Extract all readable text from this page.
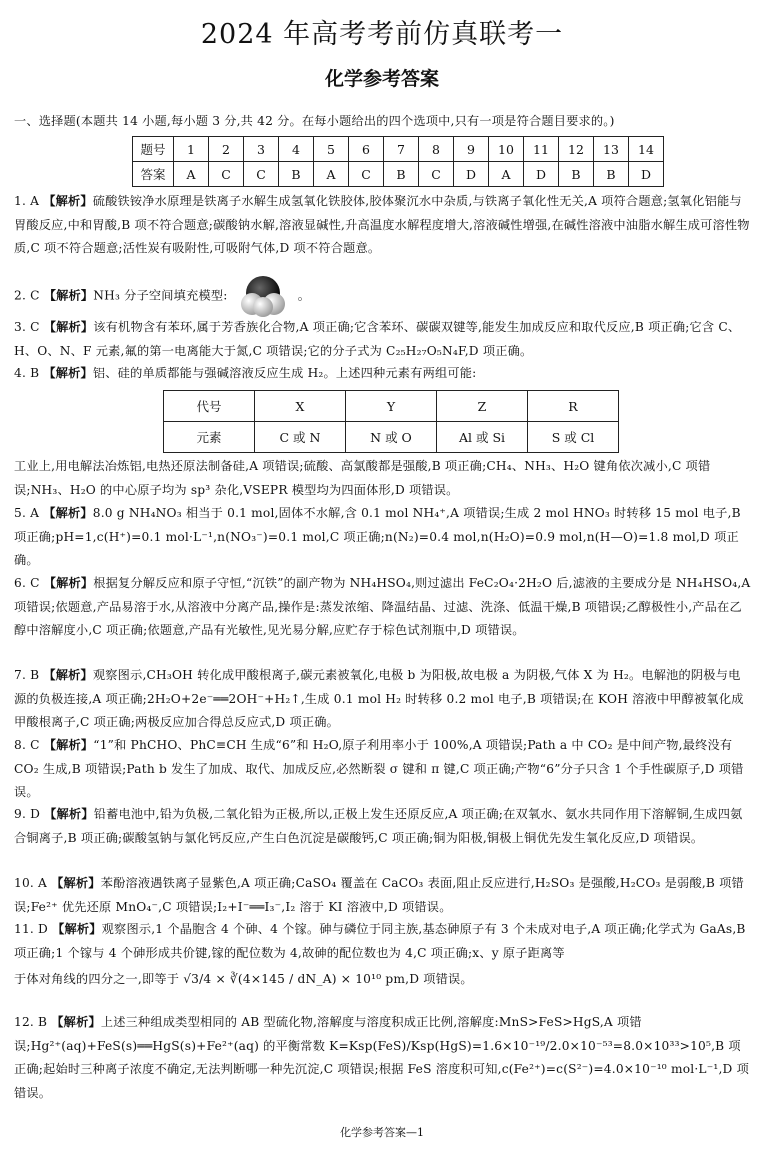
2024 年高考考前仿真联考一
化学参考答案
一、选择题(本题共 14 小题,每小题 3 分,共 42 分。在每小题给出的四个选项中,只有一项是符合题目要求的。)
题号	1	2	3	4	5	6	7	8	9	10	11	12	13	14
答案	A	C	C	B	A	C	B	C	D	A	D	B	B	D
1. A 【解析】硫酸铁铵净水原理是铁离子水解生成氢氧化铁胶体,胶体聚沉水中杂质,与铁离子氧化性无关,A 项符合题意;氢氧化铝能与胃酸反应,中和胃酸,B 项不符合题意;碳酸钠水解,溶液显碱性,升高温度水解程度增大,溶液碱性增强,在碱性溶液中油脂水解生成可溶性物质,C 项不符合题意;活性炭有吸附性,可吸附气体,D 项不符合题意。
2. C 【解析】NH₃ 分子空间填充模型:	。
3. C 【解析】该有机物含有苯环,属于芳香族化合物,A 项正确;它含苯环、碳碳双键等,能发生加成反应和取代反应,B 项正确;它含 C、H、O、N、F 元素,氟的第一电离能大于氮,C 项错误;它的分子式为 C₂₅H₂₇O₅N₄F,D 项正确。
4. B 【解析】铝、硅的单质都能与强碱溶液反应生成 H₂。上述四种元素有两组可能:
代号	X	Y	Z	R
元素	C 或 N	N 或 O	Al 或 Si	S 或 Cl
工业上,用电解法冶炼铝,电热还原法制备硅,A 项错误;硫酸、高氯酸都是强酸,B 项正确;CH₄、NH₃、H₂O 键角依次减小,C 项错误;NH₃、H₂O 的中心原子均为 sp³ 杂化,VSEPR 模型均为四面体形,D 项错误。
5. A 【解析】8.0 g NH₄NO₃ 相当于 0.1 mol,固体不水解,含 0.1 mol NH₄⁺,A 项错误;生成 2 mol HNO₃ 时转移 15 mol 电子,B 项正确;pH=1,c(H⁺)=0.1 mol·L⁻¹,n(NO₃⁻)=0.1 mol,C 项正确;n(N₂)=0.4 mol,n(H₂O)=0.9 mol,n(H—O)=1.8 mol,D 项正确。
6. C 【解析】根据复分解反应和原子守恒,“沉铁”的副产物为 NH₄HSO₄,则过滤出 FeC₂O₄·2H₂O 后,滤液的主要成分是 NH₄HSO₄,A 项错误;依题意,产品易溶于水,从溶液中分离产品,操作是:蒸发浓缩、降温结晶、过滤、洗涤、低温干燥,B 项错误;乙醇极性小,产品在乙醇中溶解度小,C 项正确;依题意,产品有光敏性,见光易分解,应贮存于棕色试剂瓶中,D 项错误。
7. B 【解析】观察图示,CH₃OH 转化成甲酸根离子,碳元素被氧化,电极 b 为阳极,故电极 a 为阴极,气体 X 为 H₂。电解池的阴极与电源的负极连接,A 项正确;2H₂O+2e⁻══2OH⁻+H₂↑,生成 0.1 mol H₂ 时转移 0.2 mol 电子,B 项错误;在 KOH 溶液中甲醇被氧化成甲酸根离子,C 项正确;两极反应加合得总反应式,D 项正确。
8. C 【解析】“1”和 PhCHO、PhC≡CH 生成“6”和 H₂O,原子利用率小于 100%,A 项错误;Path a 中 CO₂ 是中间产物,最终没有 CO₂ 生成,B 项错误;Path b 发生了加成、取代、加成反应,必然断裂 σ 键和 π 键,C 项正确;产物“6”分子只含 1 个手性碳原子,D 项错误。
9. D 【解析】铅蓄电池中,铅为负极,二氧化铅为正极,所以,正极上发生还原反应,A 项正确;在双氧水、氨水共同作用下溶解铜,生成四氨合铜离子,B 项正确;碳酸氢钠与氯化钙反应,产生白色沉淀是碳酸钙,C 项正确;铜为阳极,铜极上铜优先发生氧化反应,D 项错误。
10. A 【解析】苯酚溶液遇铁离子显紫色,A 项正确;CaSO₄ 覆盖在 CaCO₃ 表面,阻止反应进行,H₂SO₃ 是强酸,H₂CO₃ 是弱酸,B 项错误;Fe²⁺ 优先还原 MnO₄⁻,C 项错误;I₂+I⁻══I₃⁻,I₂ 溶于 KI 溶液中,D 项错误。
11. D 【解析】观察图示,1 个晶胞含 4 个砷、4 个镓。砷与磷位于同主族,基态砷原子有 3 个未成对电子,A 项正确;化学式为 GaAs,B 项正确;1 个镓与 4 个砷形成共价键,镓的配位数为 4,故砷的配位数也为 4,C 项正确;x、y 原子距离等
于体对角线的四分之一,即等于 √3/4 × ∛(4×145 / dN_A) × 10¹⁰ pm,D 项错误。
12. B 【解析】上述三种组成类型相同的 AB 型硫化物,溶解度与溶度积成正比例,溶解度:MnS>FeS>HgS,A 项错误;Hg²⁺(aq)+FeS(s)══HgS(s)+Fe²⁺(aq) 的平衡常数 K=Ksp(FeS)/Ksp(HgS)=1.6×10⁻¹⁹/2.0×10⁻⁵³=8.0×10³³>10⁵,B 项正确;起始时三种离子浓度不确定,无法判断哪一种先沉淀,C 项错误;根据 FeS 溶度积可知,c(Fe²⁺)=c(S²⁻)=4.0×10⁻¹⁰ mol·L⁻¹,D 项错误。
化学参考答案—1
